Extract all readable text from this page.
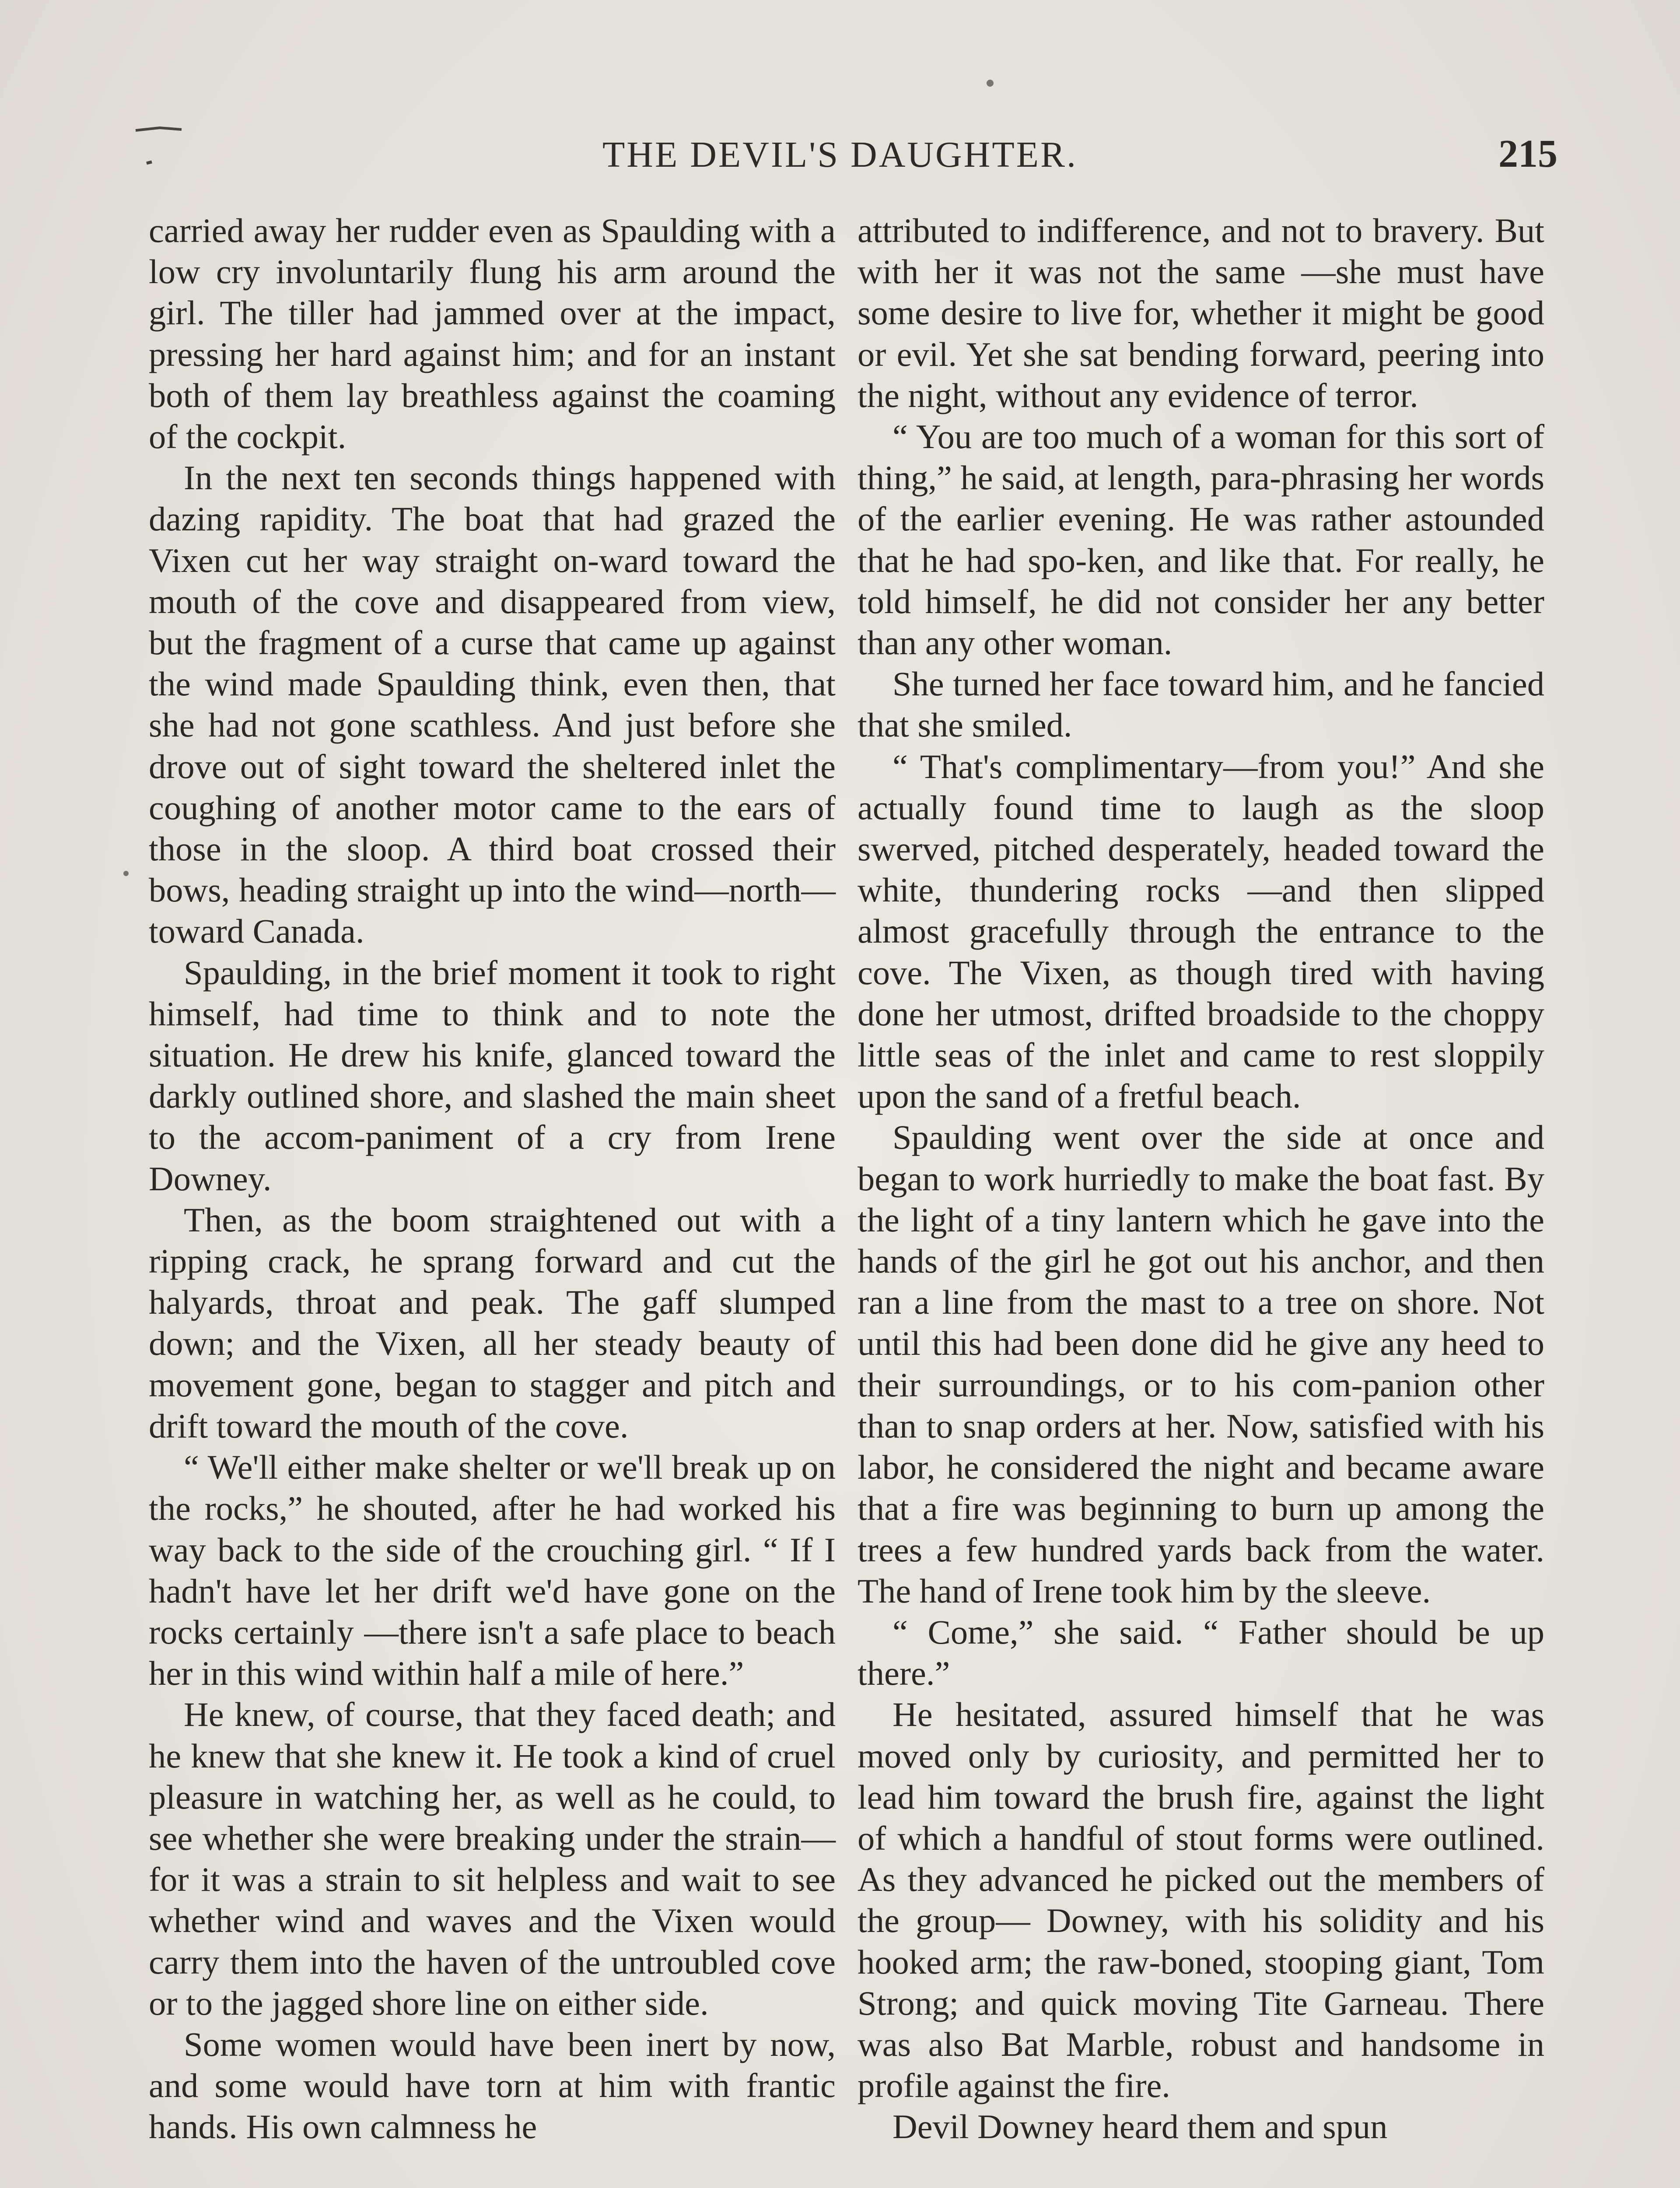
THE DEVIL'S DAUGHTER.	215

carried away her rudder even as Spaulding with a low cry involuntarily flung his arm around the girl. The tiller had jammed over at the impact, pressing her hard against him; and for an instant both of them lay breathless against the coaming of the cockpit.

In the next ten seconds things happened with dazing rapidity. The boat that had grazed the Vixen cut her way straight on-ward toward the mouth of the cove and disappeared from view, but the fragment of a curse that came up against the wind made Spaulding think, even then, that she had not gone scathless. And just before she drove out of sight toward the sheltered inlet the coughing of another motor came to the ears of those in the sloop. A third boat crossed their bows, heading straight up into the wind—north—toward Canada.

Spaulding, in the brief moment it took to right himself, had time to think and to note the situation. He drew his knife, glanced toward the darkly outlined shore, and slashed the main sheet to the accom-paniment of a cry from Irene Downey.

Then, as the boom straightened out with a ripping crack, he sprang forward and cut the halyards, throat and peak. The gaff slumped down; and the Vixen, all her steady beauty of movement gone, began to stagger and pitch and drift toward the mouth of the cove.

“ We'll either make shelter or we'll break up on the rocks,” he shouted, after he had worked his way back to the side of the crouching girl. “ If I hadn't have let her drift we'd have gone on the rocks certainly —there isn't a safe place to beach her in this wind within half a mile of here.”

He knew, of course, that they faced death; and he knew that she knew it. He took a kind of cruel pleasure in watching her, as well as he could, to see whether she were breaking under the strain—for it was a strain to sit helpless and wait to see whether wind and waves and the Vixen would carry them into the haven of the untroubled cove or to the jagged shore line on either side.

Some women would have been inert by now, and some would have torn at him with frantic hands. His own calmness he

attributed to indifference, and not to bravery. But with her it was not the same —she must have some desire to live for, whether it might be good or evil. Yet she sat bending forward, peering into the night, without any evidence of terror.

“ You are too much of a woman for this sort of thing,” he said, at length, para-phrasing her words of the earlier evening. He was rather astounded that he had spo-ken, and like that. For really, he told himself, he did not consider her any better than any other woman.

She turned her face toward him, and he fancied that she smiled.

“ That's complimentary—from you!” And she actually found time to laugh as the sloop swerved, pitched desperately, headed toward the white, thundering rocks —and then slipped almost gracefully through the entrance to the cove. The Vixen, as though tired with having done her utmost, drifted broadside to the choppy little seas of the inlet and came to rest sloppily upon the sand of a fretful beach.

Spaulding went over the side at once and began to work hurriedly to make the boat fast. By the light of a tiny lantern which he gave into the hands of the girl he got out his anchor, and then ran a line from the mast to a tree on shore. Not until this had been done did he give any heed to their surroundings, or to his com-panion other than to snap orders at her. Now, satisfied with his labor, he considered the night and became aware that a fire was beginning to burn up among the trees a few hundred yards back from the water. The hand of Irene took him by the sleeve.

“ Come,” she said. “ Father should be up there.”

He hesitated, assured himself that he was moved only by curiosity, and permitted her to lead him toward the brush fire, against the light of which a handful of stout forms were outlined. As they advanced he picked out the members of the group— Downey, with his solidity and his hooked arm; the raw-boned, stooping giant, Tom Strong; and quick moving Tite Garneau. There was also Bat Marble, robust and handsome in profile against the fire.

Devil Downey heard them and spun
